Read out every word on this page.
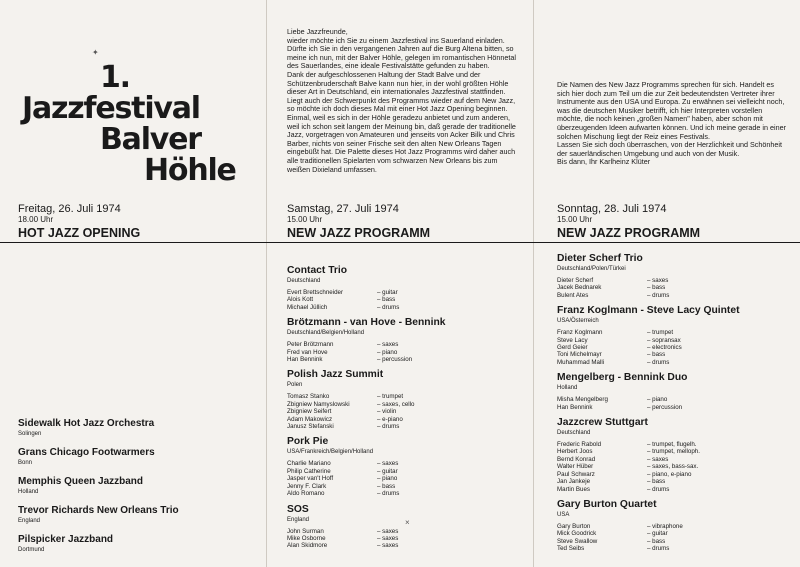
1.
Jazzfestival
Balver
Höhle
Liebe Jazzfreunde,
wieder möchte ich Sie zu einem Jazzfestival ins Sauerland einladen. Dürfte ich Sie in den vergangenen Jahren auf die Burg Altena bitten, so meine ich nun, mit der Balver Höhle, gelegen im romantischen Hönnetal des Sauerlandes, eine ideale Festivalstätte gefunden zu haben.
Dank der aufgeschlossenen Haltung der Stadt Balve und der Schützenbruderschaft Balve kann nun hier, in der wohl größten Höhle dieser Art in Deutschland, ein internationales Jazzfestival stattfinden.
Liegt auch der Schwerpunkt des Programms wieder auf dem New Jazz, so möchte ich doch dieses Mal mit einer Hot Jazz Opening beginnen. Einmal, weil es sich in der Höhle geradezu anbietet und zum anderen, weil ich schon seit langem der Meinung bin, daß gerade der traditionelle Jazz, vorgetragen von Amateuren und jenseits von Acker Bilk und Chris Barber, nichts von seiner Frische seit den alten New Orleans Tagen eingebüßt hat. Die Palette dieses Hot Jazz Programms wird daher auch alle traditionellen Spielarten vom schwarzen New Orleans bis zum weißen Dixieland umfassen.
Die Namen des New Jazz Programms sprechen für sich. Handelt es sich hier doch zum Teil um die zur Zeit bedeutendsten Vertreter ihrer Instrumente aus den USA und Europa. Zu erwähnen sei vielleicht noch, was die deutschen Musiker betrifft, ich hier Interpreten vorstellen möchte, die noch keinen „großen Namen" haben, aber schon mit überzeugenden Ideen aufwarten können. Und ich meine gerade in einer solchen Mischung liegt der Reiz eines Festivals.
Lassen Sie sich doch überraschen, von der Herzlichkeit und Schönheit der sauerländischen Umgebung und auch von der Musik.
Bis dann, Ihr Karlheinz Klüter
Freitag, 26. Juli 1974
18.00 Uhr
HOT JAZZ OPENING
Samstag, 27. Juli 1974
15.00 Uhr
NEW JAZZ PROGRAMM
Sonntag, 28. Juli 1974
15.00 Uhr
NEW JAZZ PROGRAMM
Sidewalk Hot Jazz Orchestra
Solingen
Grans Chicago Footwarmers
Bonn
Memphis Queen Jazzband
Holland
Trevor Richards New Orleans Trio
England
Pilspicker Jazzband
Dortmund
Contact Trio
Deutschland
Evert Brettschneider	– guitar
Alois Kott	– bass
Michael Jüllich	– drums
Brötzmann - van Hove - Bennink
Deutschland/Belgien/Holland
Peter Brötzmann	– saxes
Fred van Hove	– piano
Han Bennink	– percussion
Polish Jazz Summit
Polen
Tomasz Stanko	– trumpet
Zbigniew Namyslowski	– saxes, cello
Zbigniew Seifert	– violin
Adam Makowicz	– e-piano
Janusz Stefanski	– drums
Pork Pie
USA/Frankreich/Belgien/Holland
Charlie Mariano	– saxes
Philip Catherine	– guitar
Jasper van't Hoff	– piano
Jenny F. Clark	– bass
Aldo Romano	– drums
SOS
England
John Surman	– saxes
Mike Osborne	– saxes
Alan Skidmore	– saxes
Dieter Scherf Trio
Deutschland/Polen/Türkei
Dieter Scherf	– saxes
Jacek Bednarek	– bass
Bulent Ates	– drums
Franz Koglmann - Steve Lacy Quintet
USA/Österreich
Franz Koglmann	– trumpet
Steve Lacy	– sopransax
Gerd Geier	– electronics
Toni Michelmayr	– bass
Muhammad Malli	– drums
Mengelberg - Bennink Duo
Holland
Misha Mengelberg	– piano
Han Bennink	– percussion
Jazzcrew Stuttgart
Deutschland
Frederic Rabold	– trumpet, flugelh.
Herbert Joos	– trumpet, melloph.
Bernd Konrad	– saxes
Walter Hüber	– saxes, bass-sax.
Paul Schwarz	– piano, e-piano
Jan Jankeje	– bass
Martin Bues	– drums
Gary Burton Quartet
USA
Gary Burton	– vibraphone
Mick Goodrick	– guitar
Steve Swallow	– bass
Ted Seibs	– drums
✦
×
